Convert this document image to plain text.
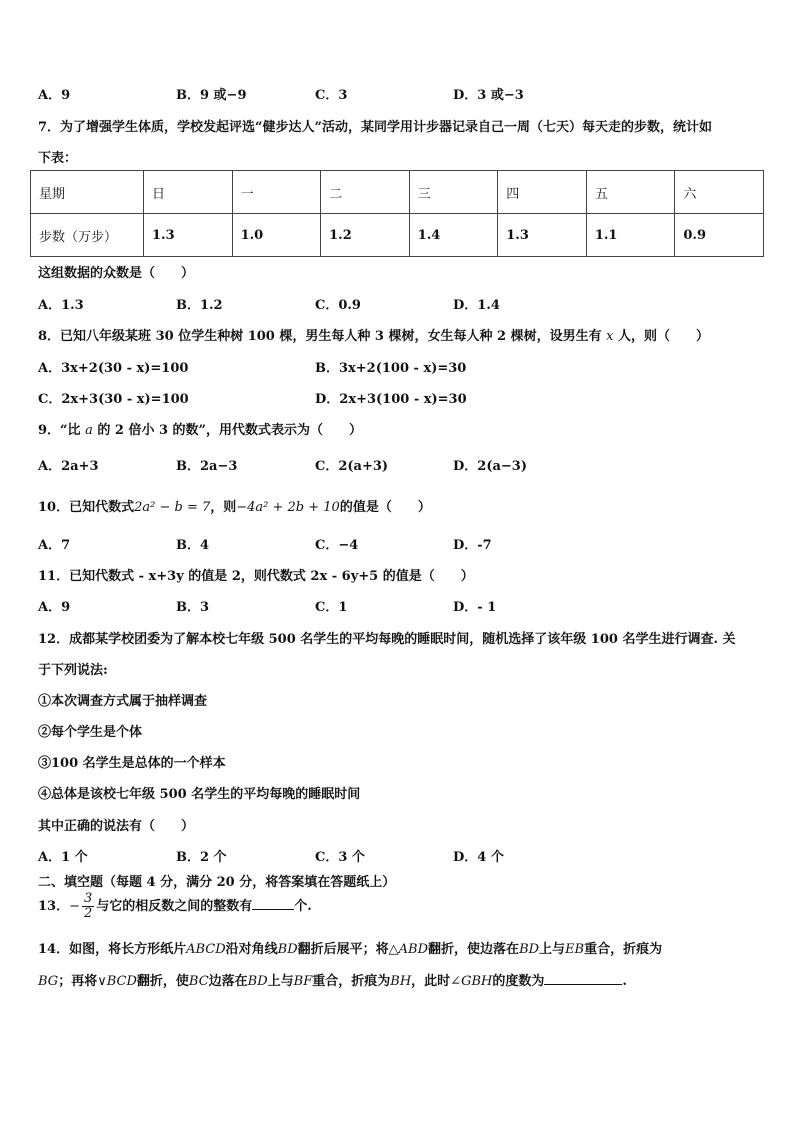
A．9	B．9 或−9	C．3	D．3 或−3
7．为了增强学生体质，学校发起评选“健步达人”活动，某同学用计步器记录自己一周（七天）每天走的步数，统计如
下表：
星期	日	一	二	三	四	五	六
步数（万步）	1.3	1.0	1.2	1.4	1.3	1.1	0.9
这组数据的众数是（　　）
A．1.3	B．1.2	C．0.9	D．1.4
8．已知八年级某班 30 位学生种树 100 棵，男生每人种 3 棵树，女生每人种 2 棵树，设男生有 x 人，则（　　）
A．3x+2(30 - x)=100	B．3x+2(100 - x)=30
C．2x+3(30 - x)=100	D．2x+3(100 - x)=30
9．“比 a 的 2 倍小 3 的数”，用代数式表示为（　　）
A．2a+3	B．2a−3	C．2(a+3)	D．2(a−3)
10．已知代数式2a² − b = 7，则−4a² + 2b + 10的值是（　　）
A．7	B．4	C．−4	D．-7
11．已知代数式 - x+3y 的值是 2，则代数式 2x - 6y+5 的值是（　　）
A．9	B．3	C．1	D．- 1
12．成都某学校团委为了解本校七年级 500 名学生的平均每晚的睡眠时间，随机选择了该年级 100 名学生进行调查. 关
于下列说法:
①本次调查方式属于抽样调查
②每个学生是个体
③100 名学生是总体的一个样本
④总体是该校七年级 500 名学生的平均每晚的睡眠时间
其中正确的说法有（　　）
A．1 个	B．2 个	C．3 个	D．4 个
二、填空题（每题 4 分，满分 20 分，将答案填在答题纸上）
13．− $\frac{3}{2}$ 与它的相反数之间的整数有	个.
14．如图，将长方形纸片ABCD沿对角线BD翻折后展平；将△ABD翻折，使边落在BD上与EB重合，折痕为
BG；再将∨BCD翻折，使BC边落在BD上与BF重合，折痕为BH，此时∠GBH的度数为	.
